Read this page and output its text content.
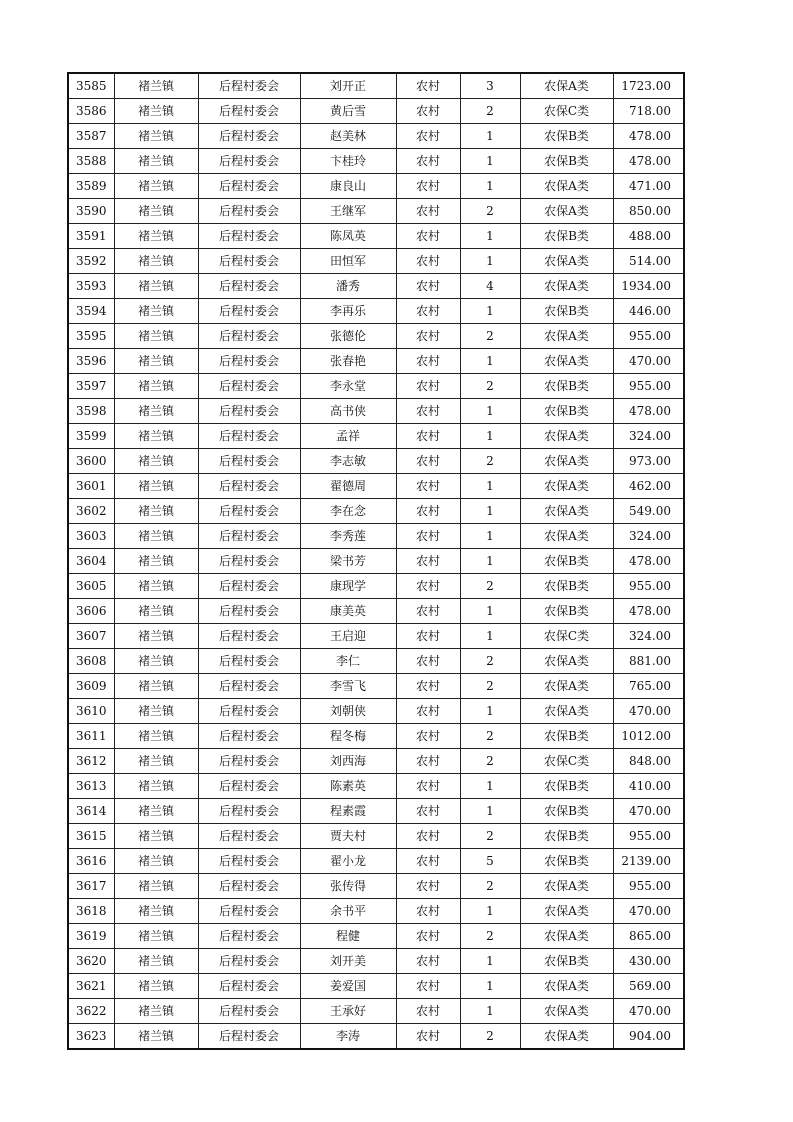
3585	褚兰镇	后程村委会	刘开正	农村	3	农保A类	1723.00
3586	褚兰镇	后程村委会	黄后雪	农村	2	农保C类	718.00
3587	褚兰镇	后程村委会	赵美林	农村	1	农保B类	478.00
3588	褚兰镇	后程村委会	卞桂玲	农村	1	农保B类	478.00
3589	褚兰镇	后程村委会	康良山	农村	1	农保A类	471.00
3590	褚兰镇	后程村委会	王继军	农村	2	农保A类	850.00
3591	褚兰镇	后程村委会	陈凤英	农村	1	农保B类	488.00
3592	褚兰镇	后程村委会	田恒军	农村	1	农保A类	514.00
3593	褚兰镇	后程村委会	潘秀	农村	4	农保A类	1934.00
3594	褚兰镇	后程村委会	李再乐	农村	1	农保B类	446.00
3595	褚兰镇	后程村委会	张德伦	农村	2	农保A类	955.00
3596	褚兰镇	后程村委会	张春艳	农村	1	农保A类	470.00
3597	褚兰镇	后程村委会	李永堂	农村	2	农保B类	955.00
3598	褚兰镇	后程村委会	高书侠	农村	1	农保B类	478.00
3599	褚兰镇	后程村委会	孟祥	农村	1	农保A类	324.00
3600	褚兰镇	后程村委会	李志敏	农村	2	农保A类	973.00
3601	褚兰镇	后程村委会	翟德周	农村	1	农保A类	462.00
3602	褚兰镇	后程村委会	李在念	农村	1	农保A类	549.00
3603	褚兰镇	后程村委会	李秀莲	农村	1	农保A类	324.00
3604	褚兰镇	后程村委会	梁书芳	农村	1	农保B类	478.00
3605	褚兰镇	后程村委会	康现学	农村	2	农保B类	955.00
3606	褚兰镇	后程村委会	康美英	农村	1	农保B类	478.00
3607	褚兰镇	后程村委会	王启迎	农村	1	农保C类	324.00
3608	褚兰镇	后程村委会	李仁	农村	2	农保A类	881.00
3609	褚兰镇	后程村委会	李雪飞	农村	2	农保A类	765.00
3610	褚兰镇	后程村委会	刘朝侠	农村	1	农保A类	470.00
3611	褚兰镇	后程村委会	程冬梅	农村	2	农保B类	1012.00
3612	褚兰镇	后程村委会	刘西海	农村	2	农保C类	848.00
3613	褚兰镇	后程村委会	陈素英	农村	1	农保B类	410.00
3614	褚兰镇	后程村委会	程素霞	农村	1	农保B类	470.00
3615	褚兰镇	后程村委会	贾夫村	农村	2	农保B类	955.00
3616	褚兰镇	后程村委会	翟小龙	农村	5	农保B类	2139.00
3617	褚兰镇	后程村委会	张传得	农村	2	农保A类	955.00
3618	褚兰镇	后程村委会	余书平	农村	1	农保A类	470.00
3619	褚兰镇	后程村委会	程健	农村	2	农保A类	865.00
3620	褚兰镇	后程村委会	刘开美	农村	1	农保B类	430.00
3621	褚兰镇	后程村委会	姜爱国	农村	1	农保A类	569.00
3622	褚兰镇	后程村委会	王承好	农村	1	农保A类	470.00
3623	褚兰镇	后程村委会	李涛	农村	2	农保A类	904.00
